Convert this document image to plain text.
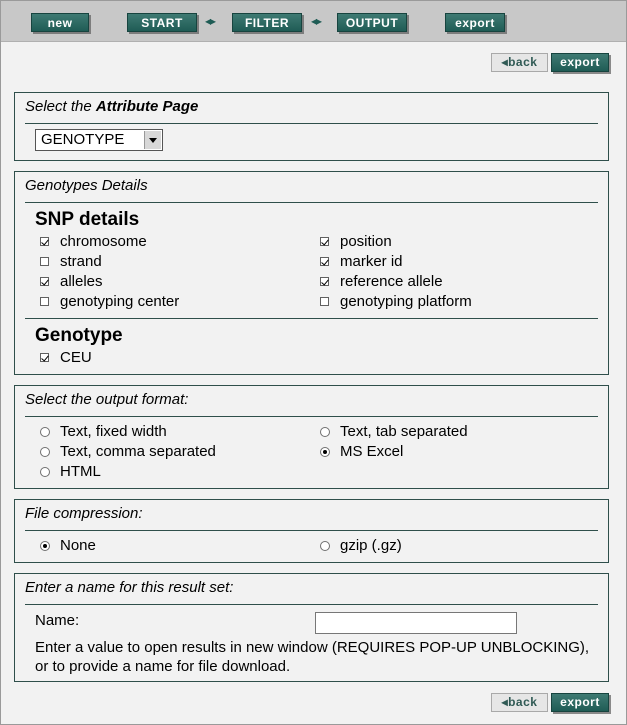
new	START	◂▸	FILTER	◂▸	OUTPUT	export
◂back	export
Select the Attribute Page
GENOTYPE
Genotypes Details
SNP details
chromosome	position
strand	marker id
alleles	reference allele
genotyping center	genotyping platform
Genotype
CEU
Select the output format:
Text, fixed width	Text, tab separated
Text, comma separated	MS Excel
HTML
File compression:
None	gzip (.gz)
Enter a name for this result set:
Name:
Enter a value to open results in new window (REQUIRES POP-UP UNBLOCKING), or to provide a name for file download.
◂back	export
